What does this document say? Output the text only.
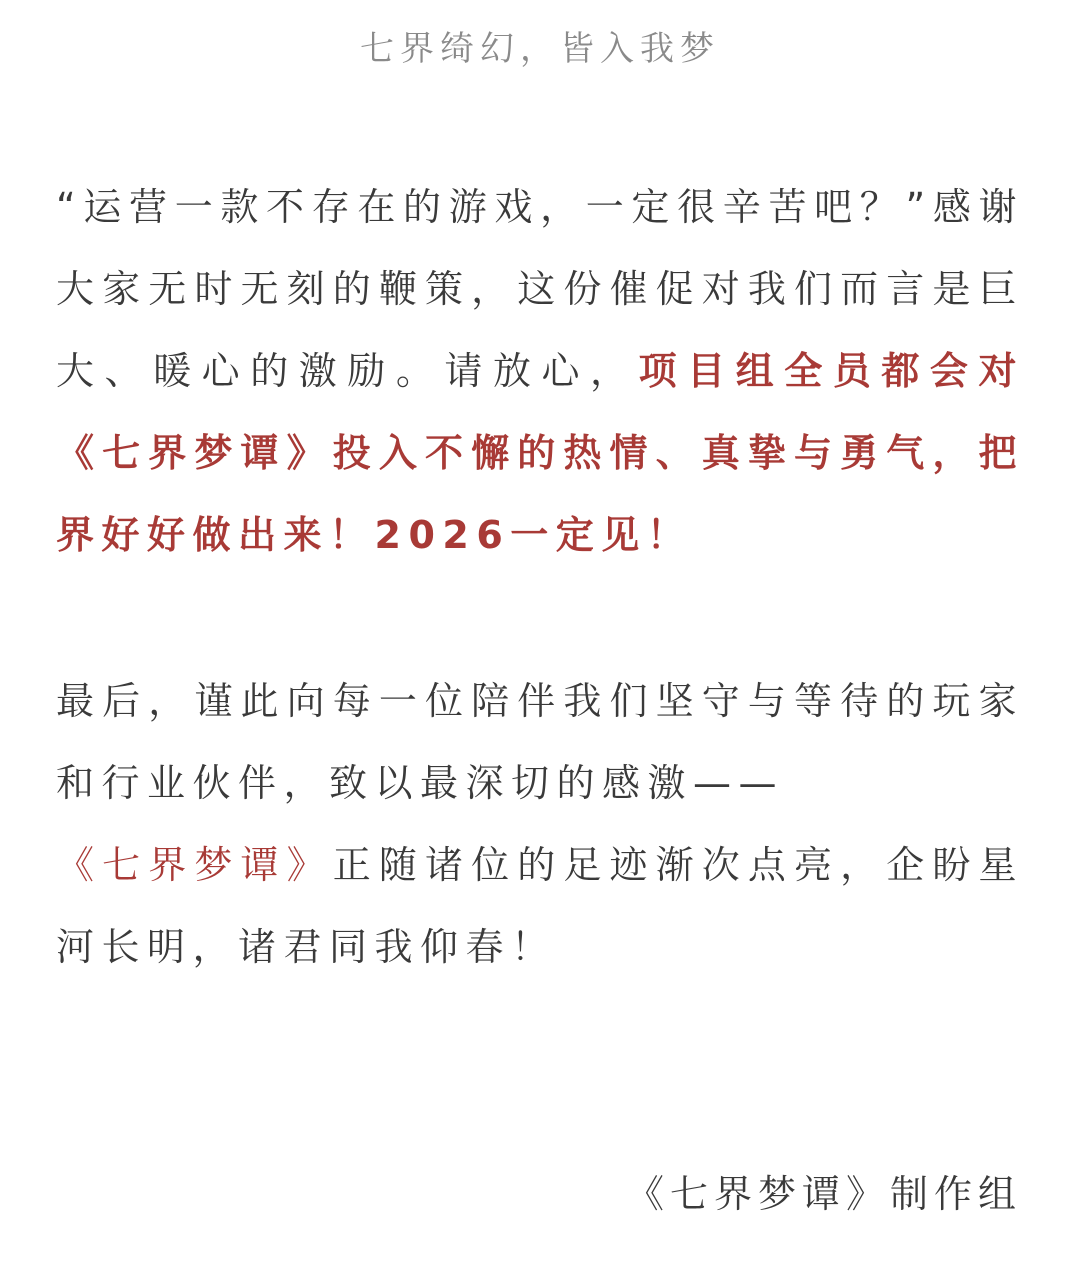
七界绮幻，皆入我梦

“运营一款不存在的游戏，一定很辛苦吧？”感谢大家无时无刻的鞭策，这份催促对我们而言是巨大、暖心的激励。请放心，项目组全员都会对《七界梦谭》投入不懈的热情、真挚与勇气，把界好好做出来！2026一定见！

最后，谨此向每一位陪伴我们坚守与等待的玩家和行业伙伴，致以最深切的感激——
《七界梦谭》正随诸位的足迹渐次点亮，企盼星河长明，诸君同我仰春！

《七界梦谭》制作组
